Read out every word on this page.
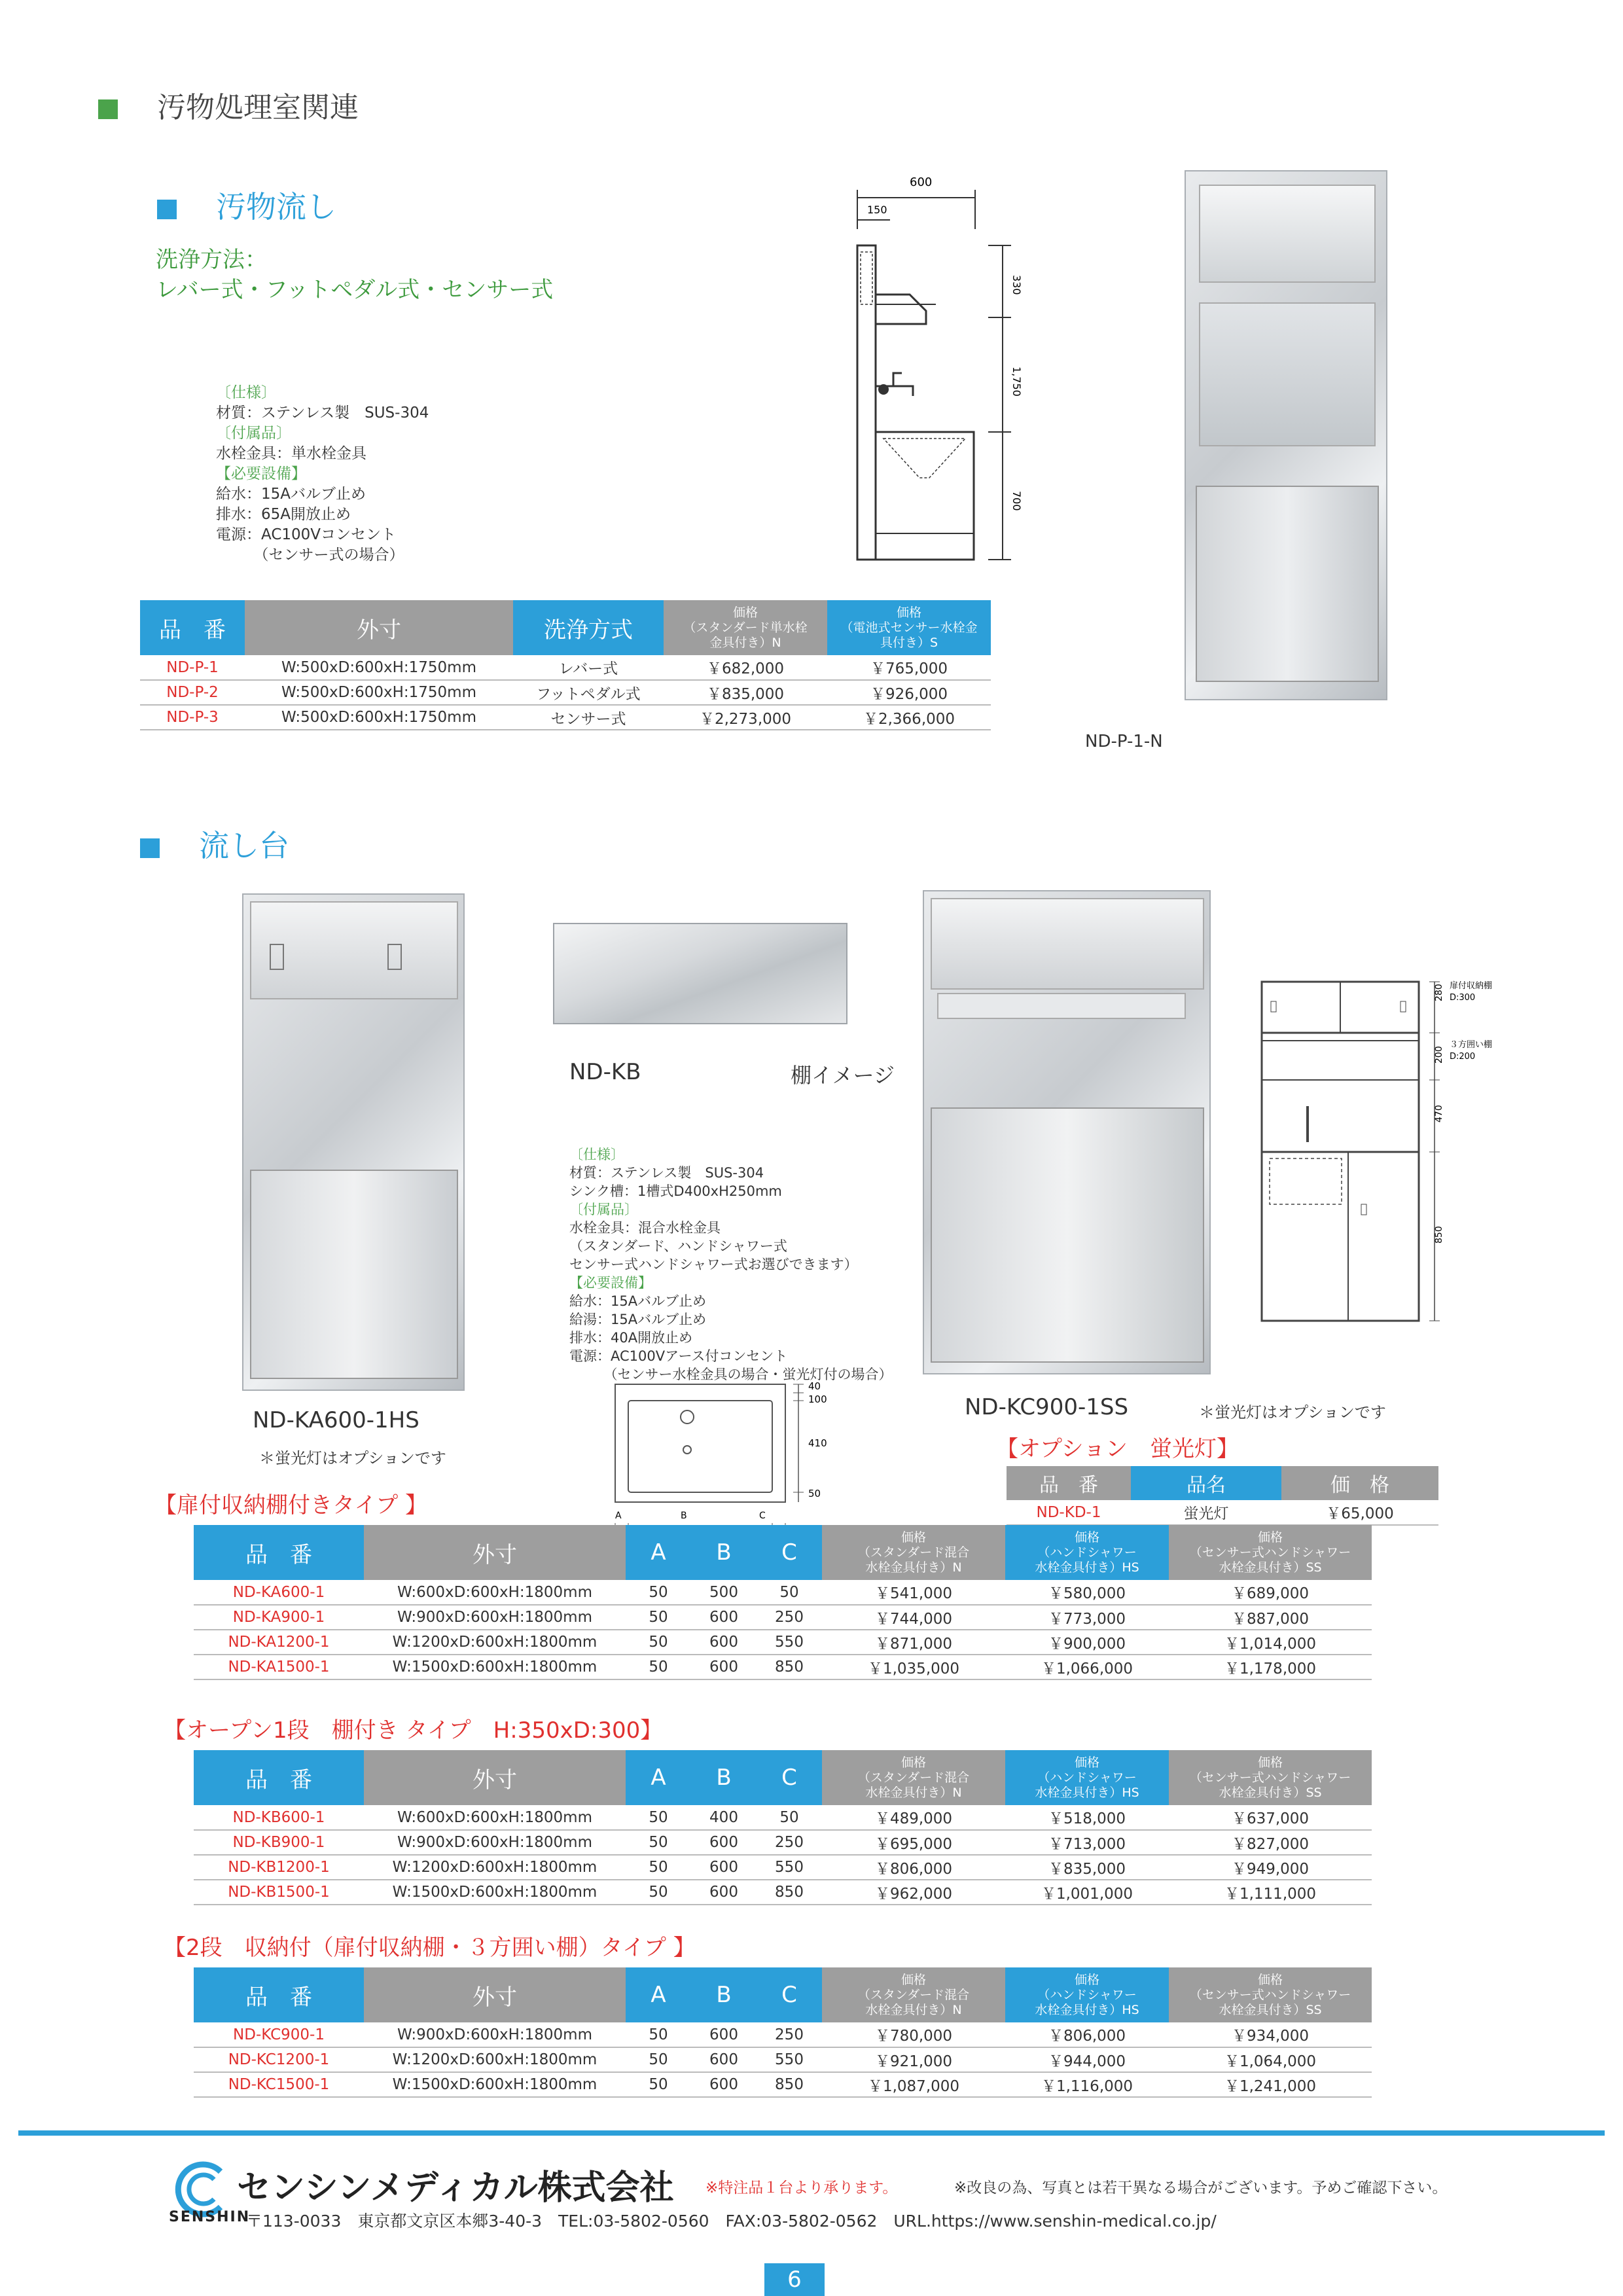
汚物処理室関連
汚物流し
洗浄方法：
レバー式・フットペダル式・センサー式
〔仕様〕
材質：ステンレス製　SUS-304
〔付属品〕
水栓金具：単水栓金具
【必要設備】
給水：15Aバルブ止め
排水：65A開放止め
電源：AC100Vコンセント
　　　（センサー式の場合）
600
150
330
1,750
700
ND-P-1-N
品　番	外寸	洗浄方式	価格
（スタンダード単水栓
金具付き）N	価格
（電池式センサー水栓金
具付き）S
ND-P-1	W:500xD:600xH:1750mm	レバー式	￥682,000	￥765,000
ND-P-2	W:500xD:600xH:1750mm	フットペダル式	￥835,000	￥926,000
ND-P-3	W:500xD:600xH:1750mm	センサー式	￥2,273,000	￥2,366,000
流し台
ND-KA600-1HS
＊蛍光灯はオプションです
ND-KB	棚イメージ
〔仕様〕
材質：ステンレス製　SUS-304
シンク槽：1槽式D400xH250mm
〔付属品〕
水栓金具：混合水栓金具
（スタンダード、ハンドシャワー式
センサー式ハンドシャワー式お選びできます）
【必要設備】
給水：15Aバルブ止め
給湯：15Aバルブ止め
排水：40A開放止め
電源：AC100Vアース付コンセント
　　　（センサー水栓金具の場合・蛍光灯付の場合）
40
100
410
50
A	B	C
ND-KC900-1SS	＊蛍光灯はオプションです
280
200
470
850
扉付収納棚
D:300
３方囲い棚
D:200
【オプション　蛍光灯】
品　番	品名	価　格
ND-KD-1	蛍光灯	￥65,000
【扉付収納棚付きタイプ 】
品　番	外寸	A	B	C	価格
（スタンダード混合
水栓金具付き）N	価格
（ハンドシャワー
水栓金具付き）HS	価格
（センサー式ハンドシャワー
水栓金具付き）SS
ND-KA600-1	W:600xD:600xH:1800mm	50	500	50	￥541,000	￥580,000	￥689,000
ND-KA900-1	W:900xD:600xH:1800mm	50	600	250	￥744,000	￥773,000	￥887,000
ND-KA1200-1	W:1200xD:600xH:1800mm	50	600	550	￥871,000	￥900,000	￥1,014,000
ND-KA1500-1	W:1500xD:600xH:1800mm	50	600	850	￥1,035,000	￥1,066,000	￥1,178,000
【オープン1段　棚付き タイプ　H:350xD:300】
品　番	外寸	A	B	C	価格
（スタンダード混合
水栓金具付き）N	価格
（ハンドシャワー
水栓金具付き）HS	価格
（センサー式ハンドシャワー
水栓金具付き）SS
ND-KB600-1	W:600xD:600xH:1800mm	50	400	50	￥489,000	￥518,000	￥637,000
ND-KB900-1	W:900xD:600xH:1800mm	50	600	250	￥695,000	￥713,000	￥827,000
ND-KB1200-1	W:1200xD:600xH:1800mm	50	600	550	￥806,000	￥835,000	￥949,000
ND-KB1500-1	W:1500xD:600xH:1800mm	50	600	850	￥962,000	￥1,001,000	￥1,111,000
【2段　収納付（扉付収納棚・３方囲い棚）タイプ 】
品　番	外寸	A	B	C	価格
（スタンダード混合
水栓金具付き）N	価格
（ハンドシャワー
水栓金具付き）HS	価格
（センサー式ハンドシャワー
水栓金具付き）SS
ND-KC900-1	W:900xD:600xH:1800mm	50	600	250	￥780,000	￥806,000	￥934,000
ND-KC1200-1	W:1200xD:600xH:1800mm	50	600	550	￥921,000	￥944,000	￥1,064,000
ND-KC1500-1	W:1500xD:600xH:1800mm	50	600	850	￥1,087,000	￥1,116,000	￥1,241,000
センシンメディカル株式会社
SENSHIN
※特注品１台より承ります。	※改良の為、写真とは若干異なる場合がございます。予めご確認下さい。
〒113-0033　東京都文京区本郷3-40-3　TEL:03-5802-0560　FAX:03-5802-0562　URL.https://www.senshin-medical.co.jp/
6
